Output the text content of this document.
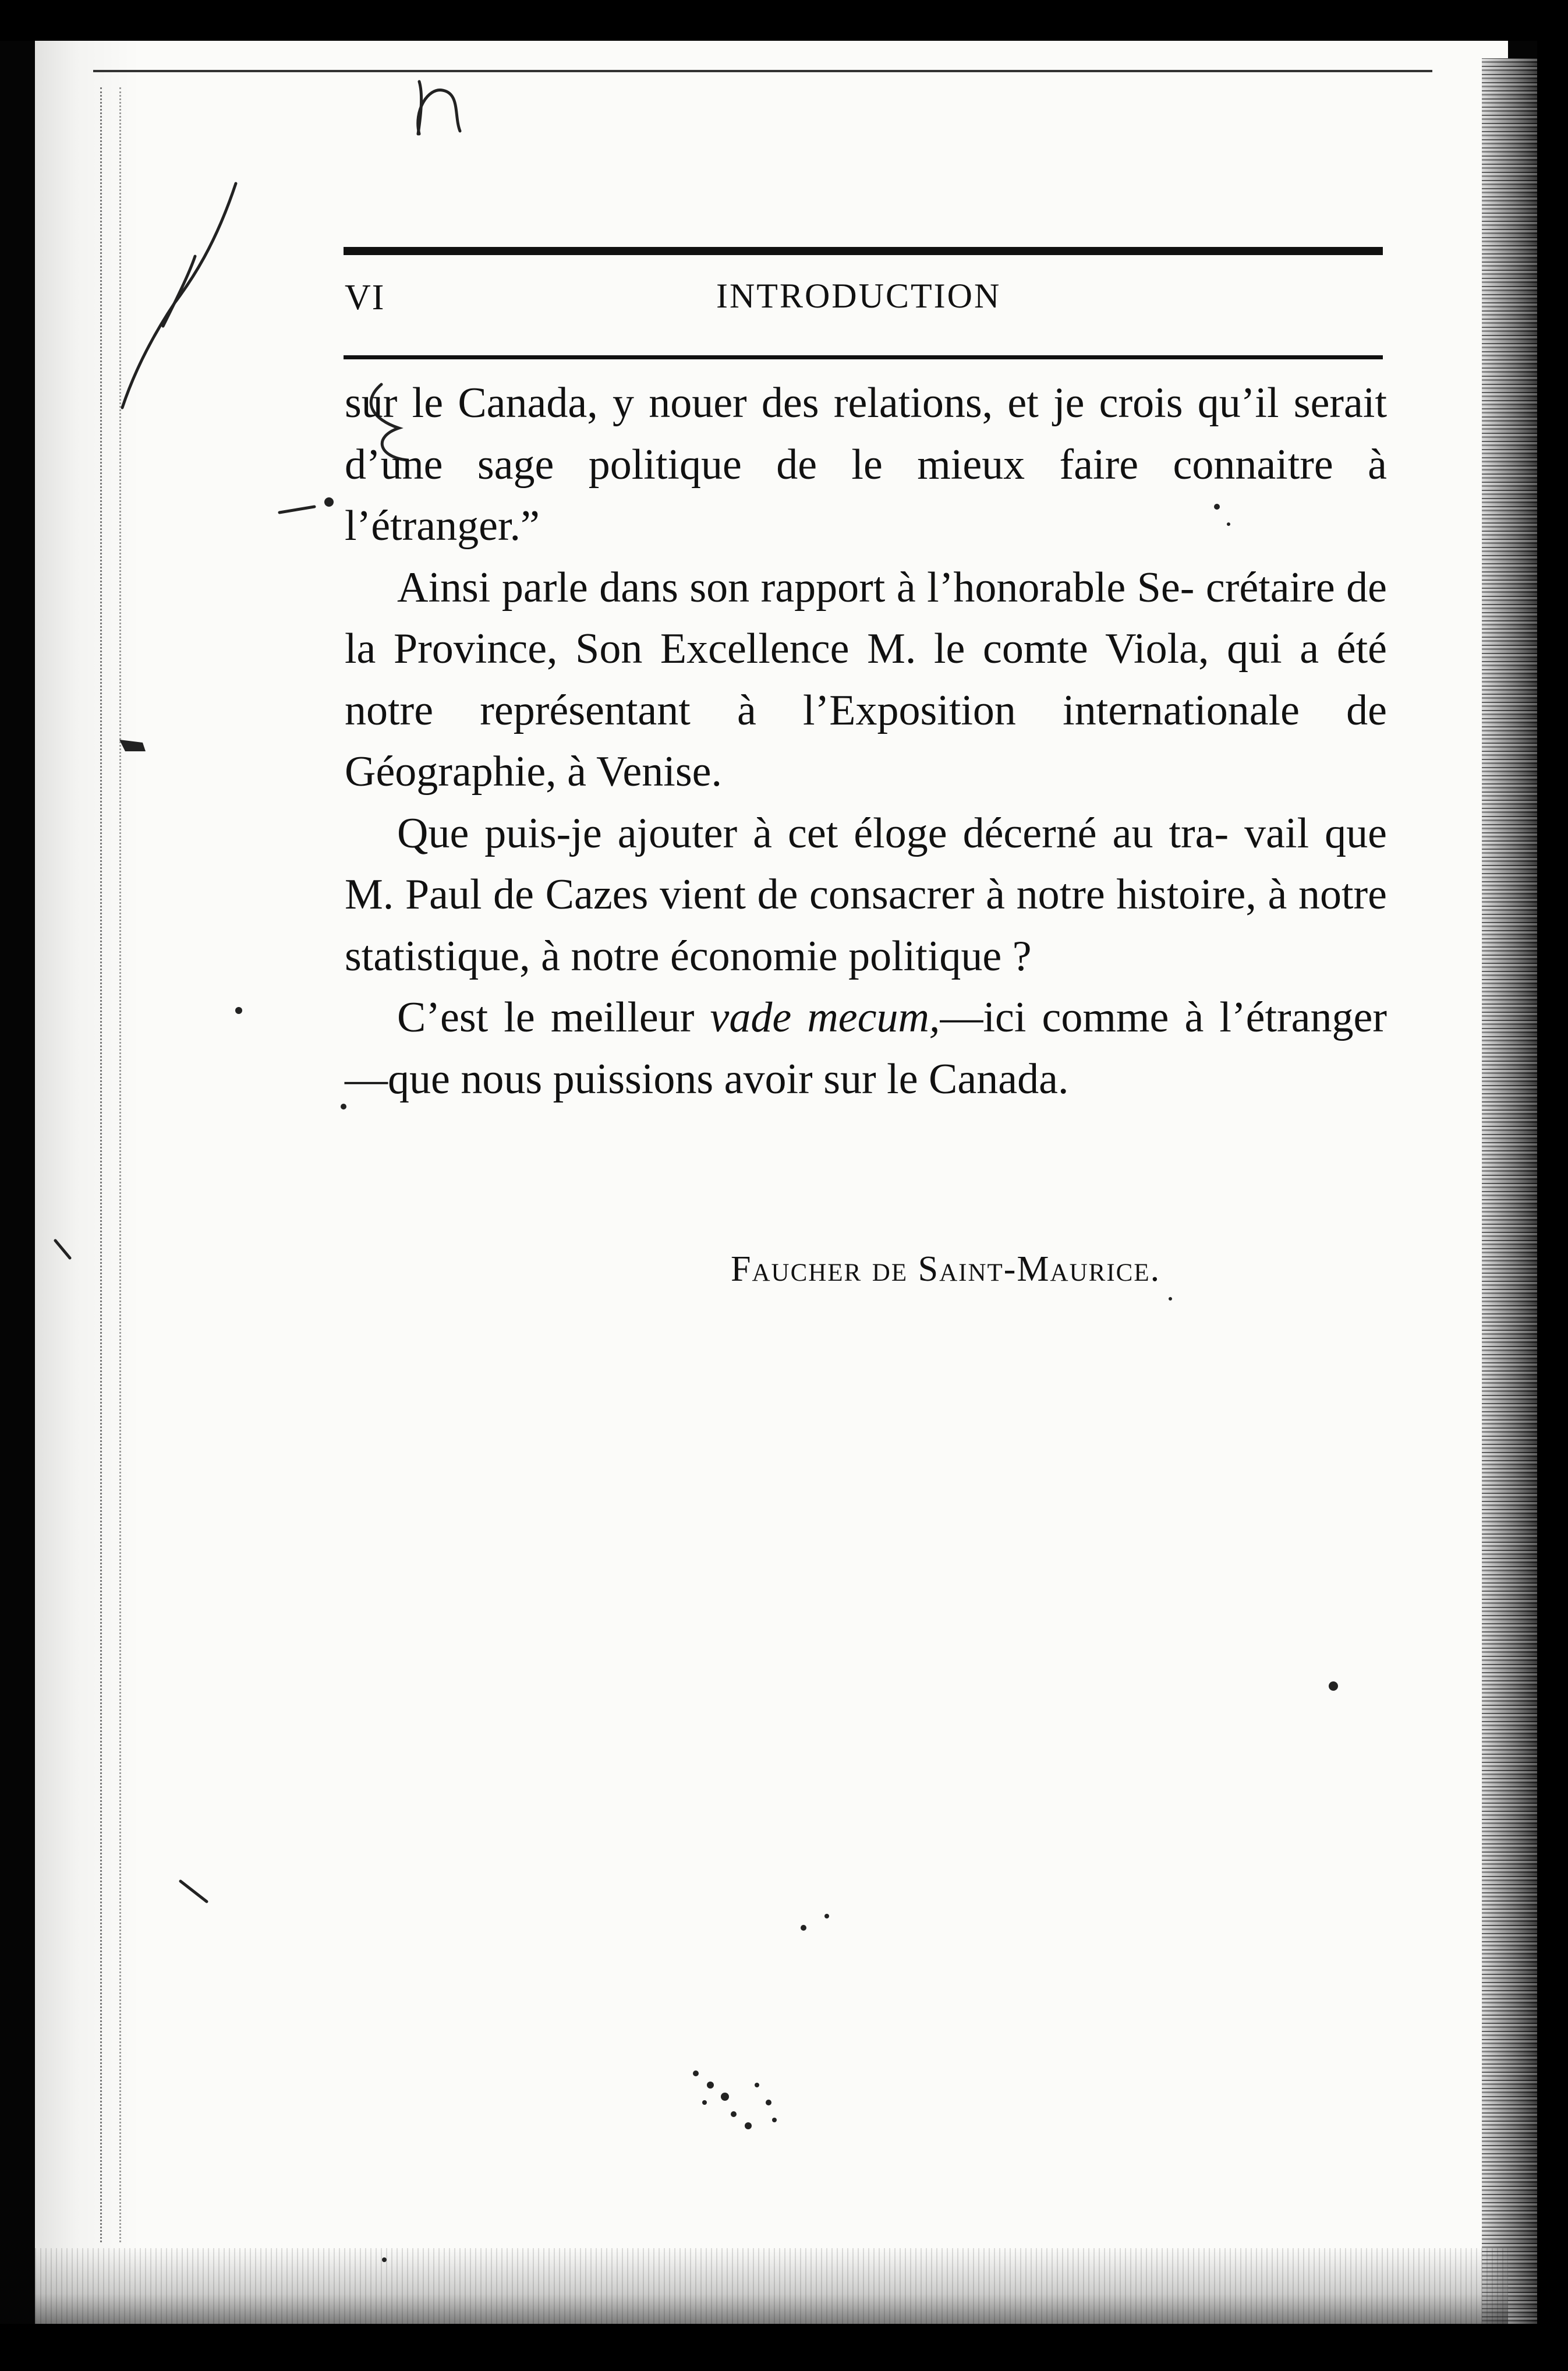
VI	INTRODUCTION

sur le Canada, y nouer des relations, et je crois qu’il serait d’une sage politique de le mieux faire connaitre à l’étranger.”

Ainsi parle dans son rapport à l’honorable Se- crétaire de la Province, Son Excellence M. le comte Viola, qui a été notre représentant à l’Exposition internationale de Géographie, à Venise.

Que puis-je ajouter à cet éloge décerné au tra- vail que M. Paul de Cazes vient de consacrer à notre histoire, à notre statistique, à notre économie politique ?

C’est le meilleur vade mecum,—ici comme à l’étranger—que nous puissions avoir sur le Canada.

Faucher de Saint-Maurice.
